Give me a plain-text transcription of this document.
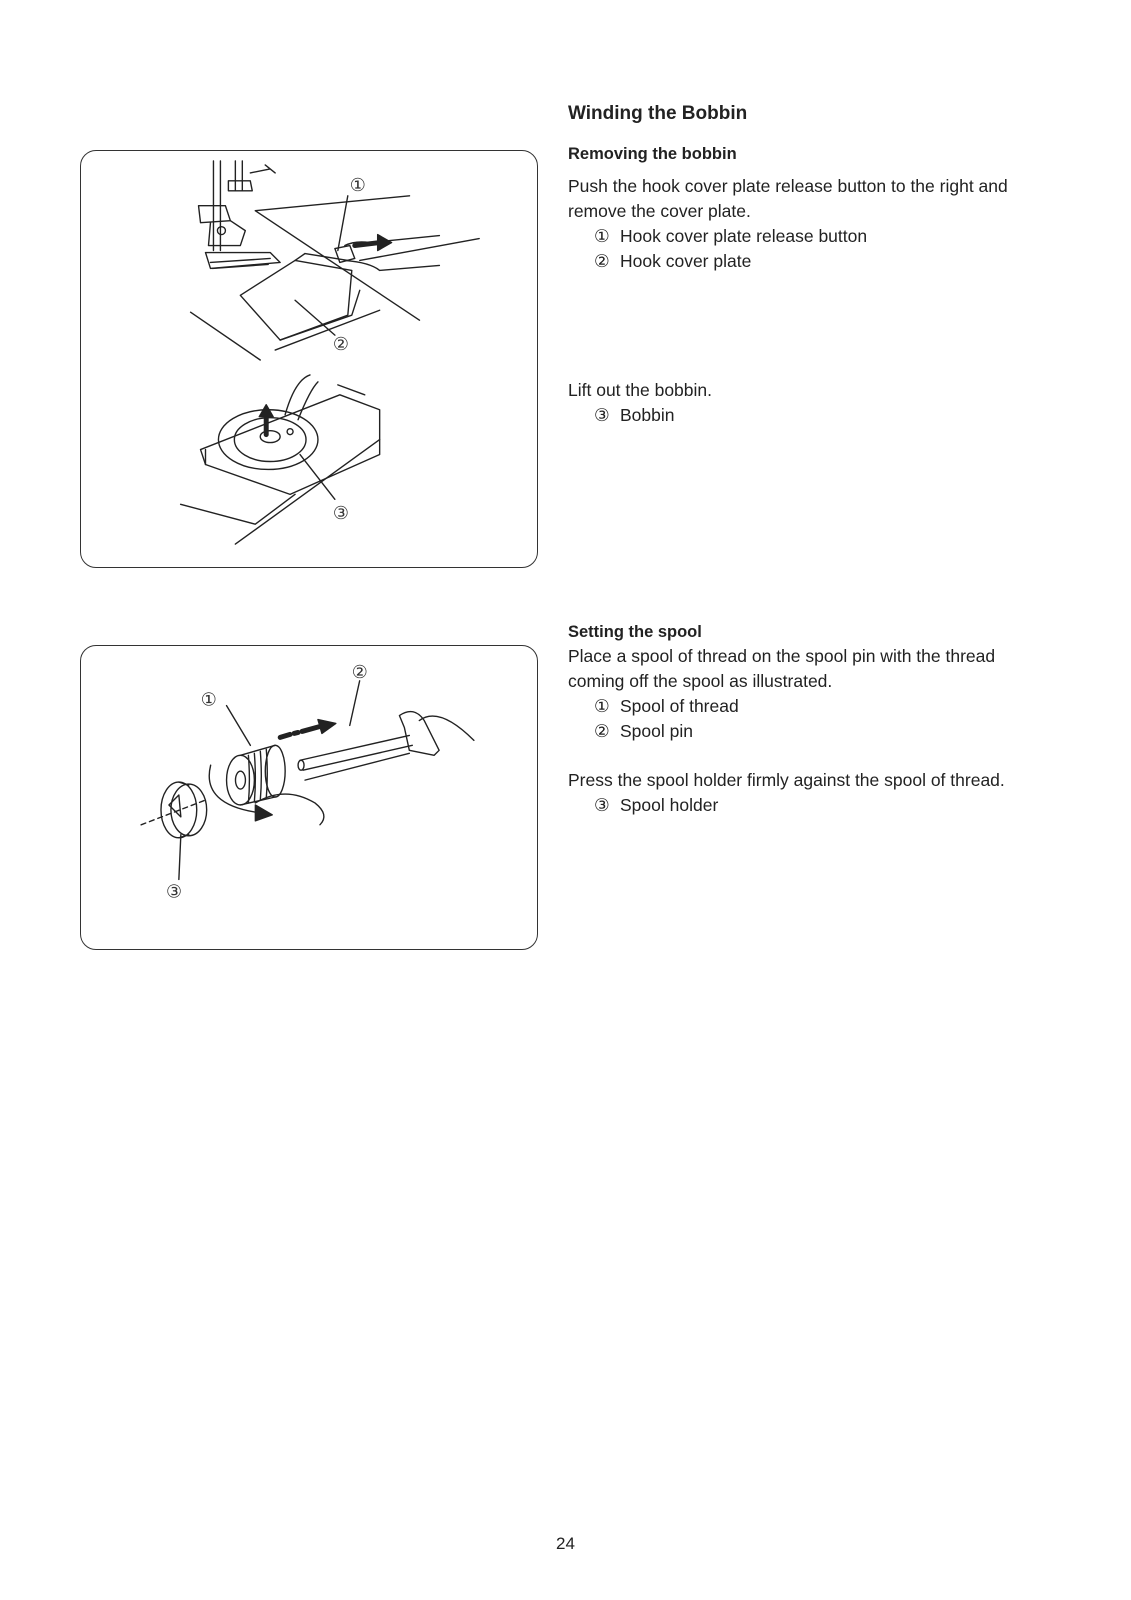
①
②
③
①
②
③

Winding the Bobbin

Removing the bobbin

Push the hook cover plate release button to the right and remove the cover plate.

① Hook cover plate release button

② Hook cover plate

Lift out the bobbin.

③ Bobbin

Setting the spool

Place a spool of thread on the spool pin with the thread coming off the spool as illustrated.

① Spool of thread

② Spool pin

Press the spool holder firmly against the spool of thread.

③ Spool holder

24
